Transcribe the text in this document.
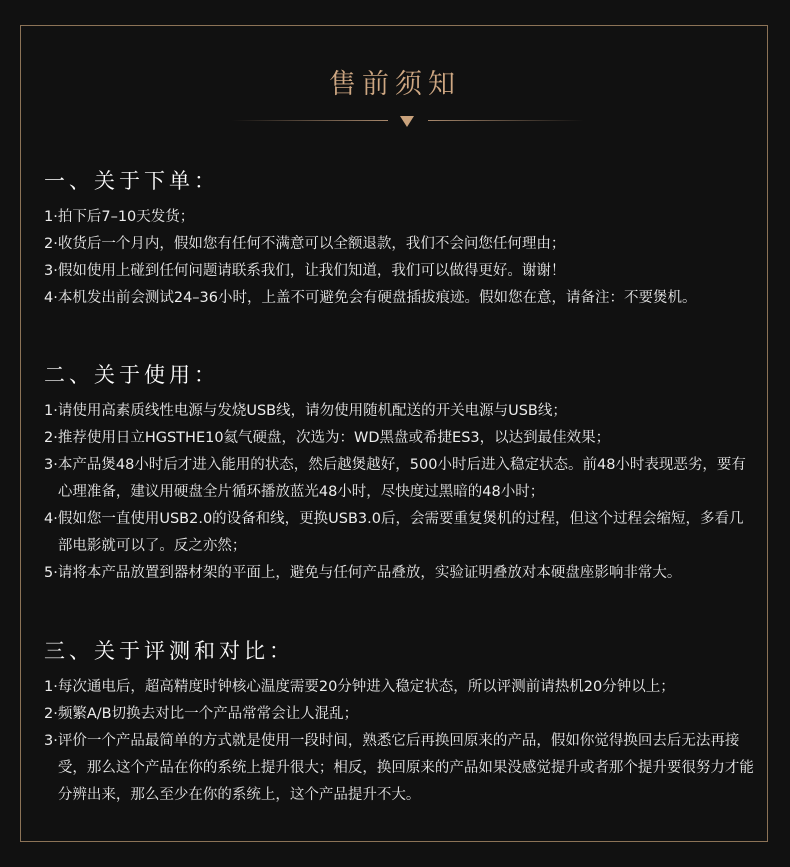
售前须知
一、关于下单：
1· 拍下后7–10天发货；
2· 收货后一个月内，假如您有任何不满意可以全额退款，我们不会问您任何理由；
3· 假如使用上碰到任何问题请联系我们，让我们知道，我们可以做得更好。谢谢！
4· 本机发出前会测试24–36小时，上盖不可避免会有硬盘插拔痕迹。假如您在意，请备注：不要煲机。
二、关于使用：
1· 请使用高素质线性电源与发烧USB线，请勿使用随机配送的开关电源与USB线；
2· 推荐使用日立HGSTHE10氦气硬盘，次选为：WD黑盘或希捷ES3，以达到最佳效果；
3· 本产品煲48小时后才进入能用的状态，然后越煲越好，500小时后进入稳定状态。前48小时表现恶劣，要有心理准备，建议用硬盘全片循环播放蓝光48小时，尽快度过黑暗的48小时；
4· 假如您一直使用USB2.0的设备和线，更换USB3.0后，会需要重复煲机的过程，但这个过程会缩短，多看几部电影就可以了。反之亦然；
5· 请将本产品放置到器材架的平面上，避免与任何产品叠放，实验证明叠放对本硬盘座影响非常大。
三、关于评测和对比：
1· 每次通电后，超高精度时钟核心温度需要20分钟进入稳定状态，所以评测前请热机20分钟以上；
2· 频繁A/B切换去对比一个产品常常会让人混乱；
3· 评价一个产品最简单的方式就是使用一段时间，熟悉它后再换回原来的产品，假如你觉得换回去后无法再接受，那么这个产品在你的系统上提升很大；相反，换回原来的产品如果没感觉提升或者那个提升要很努力才能分辨出来，那么至少在你的系统上，这个产品提升不大。
